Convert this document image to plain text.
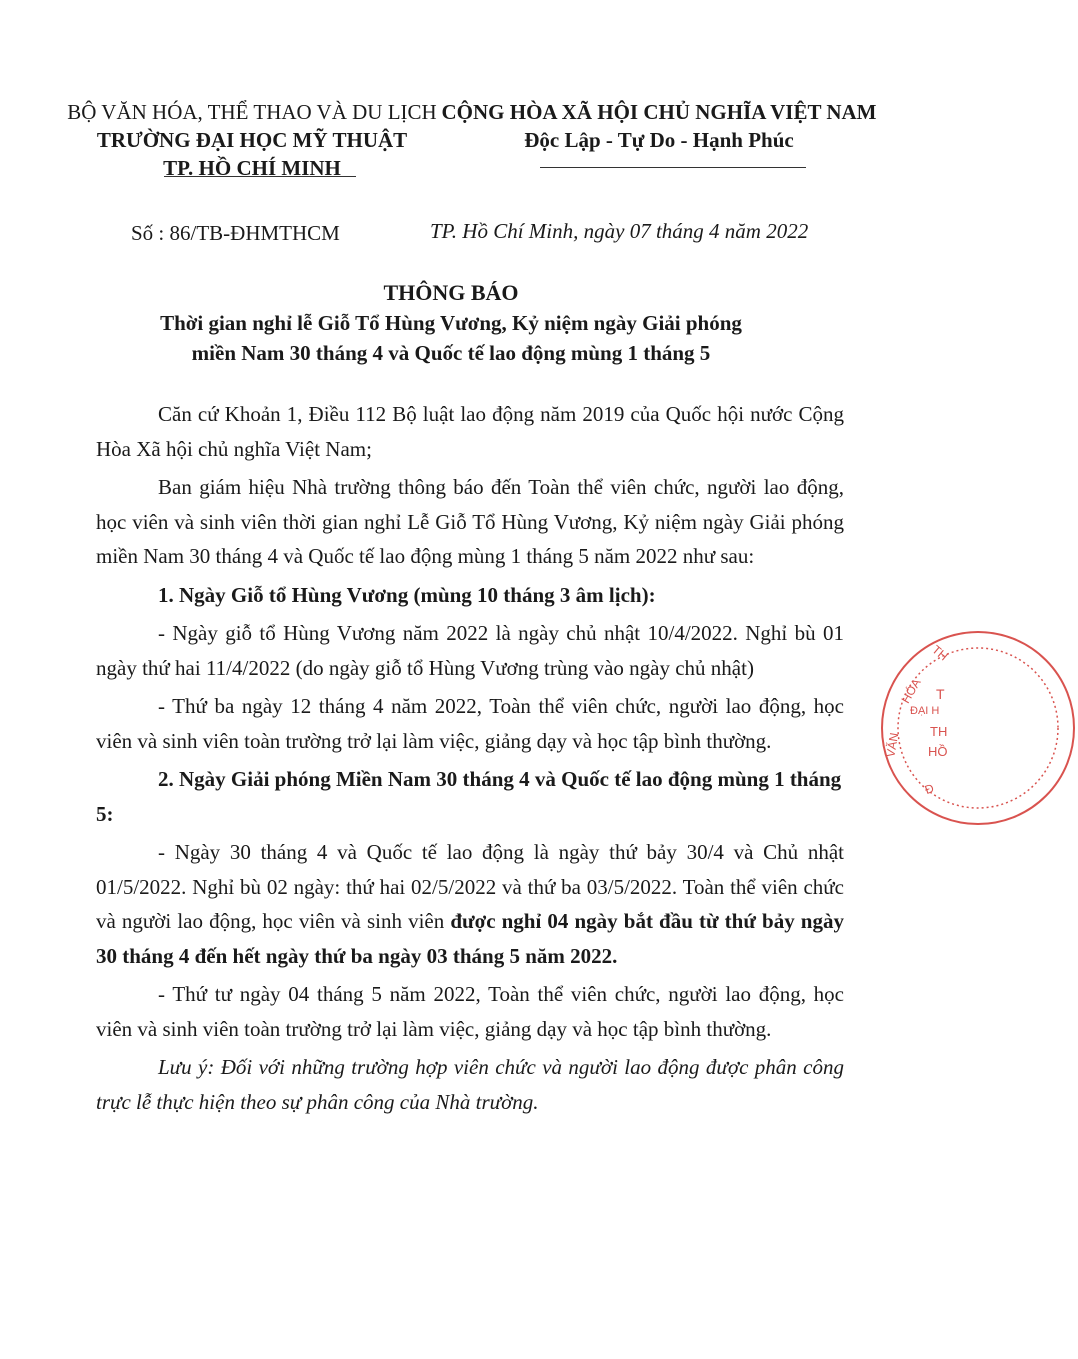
BỘ VĂN HÓA, THỂ THAO VÀ DU LỊCH
TRƯỜNG ĐẠI HỌC MỸ THUẬT
TP. HỒ CHÍ MINH
CỘNG HÒA XÃ HỘI CHỦ NGHĨA VIỆT NAM
Độc Lập - Tự Do - Hạnh Phúc
Số : 86/TB-ĐHMTHCM	TP. Hồ Chí Minh, ngày 07 tháng 4 năm 2022
THÔNG BÁO
Thời gian nghỉ lễ Giỗ Tổ Hùng Vương, Kỷ niệm ngày Giải phóng
miền Nam 30 tháng 4 và Quốc tế lao động mùng 1 tháng 5

Căn cứ Khoản 1, Điều 112 Bộ luật lao động năm 2019 của Quốc hội nước Cộng Hòa Xã hội chủ nghĩa Việt Nam;

Ban giám hiệu Nhà trường thông báo đến Toàn thể viên chức, người lao động, học viên và sinh viên thời gian nghỉ Lễ Giỗ Tổ Hùng Vương, Kỷ niệm ngày Giải phóng miền Nam 30 tháng 4 và Quốc tế lao động mùng 1 tháng 5 năm 2022 như sau:

1. Ngày Giỗ tổ Hùng Vương (mùng 10 tháng 3 âm lịch):

- Ngày giỗ tổ Hùng Vương năm 2022 là ngày chủ nhật 10/4/2022. Nghỉ bù 01 ngày thứ hai 11/4/2022 (do ngày giỗ tổ Hùng Vương trùng vào ngày chủ nhật)

- Thứ ba ngày 12 tháng 4 năm 2022, Toàn thể viên chức, người lao động, học viên và sinh viên toàn trường trở lại làm việc, giảng dạy và học tập bình thường.

2. Ngày Giải phóng Miền Nam 30 tháng 4 và Quốc tế lao động mùng 1 tháng 5:

- Ngày 30 tháng 4 và Quốc tế lao động là ngày thứ bảy 30/4 và Chủ nhật 01/5/2022. Nghỉ bù 02 ngày: thứ hai 02/5/2022 và thứ ba 03/5/2022. Toàn thể viên chức và người lao động, học viên và sinh viên được nghỉ 04 ngày bắt đầu từ thứ bảy ngày 30 tháng 4 đến hết ngày thứ ba ngày 03 tháng 5 năm 2022.

- Thứ tư ngày 04 tháng 5 năm 2022, Toàn thể viên chức, người lao động, học viên và sinh viên toàn trường trở lại làm việc, giảng dạy và học tập bình thường.

Lưu ý: Đối với những trường hợp viên chức và người lao động được phân công trực lễ thực hiện theo sự phân công của Nhà trường.

TH
HÓA T
ĐẠI H
TH
VĂN HỒ
Đ
